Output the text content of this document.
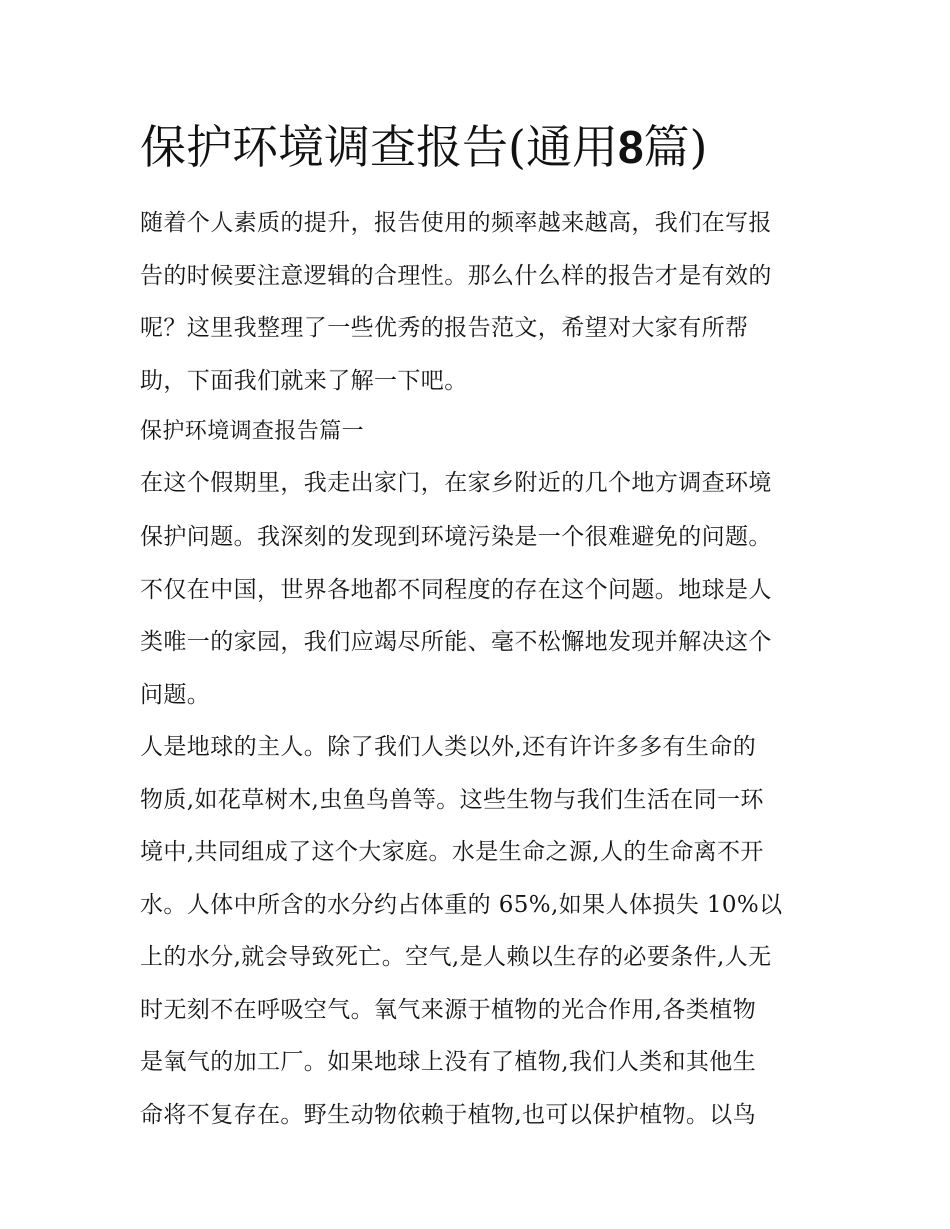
保护环境调查报告(通用8篇)
随着个人素质的提升，报告使用的频率越来越高，我们在写报
告的时候要注意逻辑的合理性。那么什么样的报告才是有效的
呢？这里我整理了一些优秀的报告范文，希望对大家有所帮
助，下面我们就来了解一下吧。
保护环境调查报告篇一
在这个假期里，我走出家门，在家乡附近的几个地方调查环境
保护问题。我深刻的发现到环境污染是一个很难避免的问题。
不仅在中国，世界各地都不同程度的存在这个问题。地球是人
类唯一的家园，我们应竭尽所能、毫不松懈地发现并解决这个
问题。
人是地球的主人。除了我们人类以外,还有许许多多有生命的
物质,如花草树木,虫鱼鸟兽等。这些生物与我们生活在同一环
境中,共同组成了这个大家庭。水是生命之源,人的生命离不开
水。人体中所含的水分约占体重的 65%,如果人体损失 10%以
上的水分,就会导致死亡。空气,是人赖以生存的必要条件,人无
时无刻不在呼吸空气。氧气来源于植物的光合作用,各类植物
是氧气的加工厂。如果地球上没有了植物,我们人类和其他生
命将不复存在。野生动物依赖于植物,也可以保护植物。以鸟
